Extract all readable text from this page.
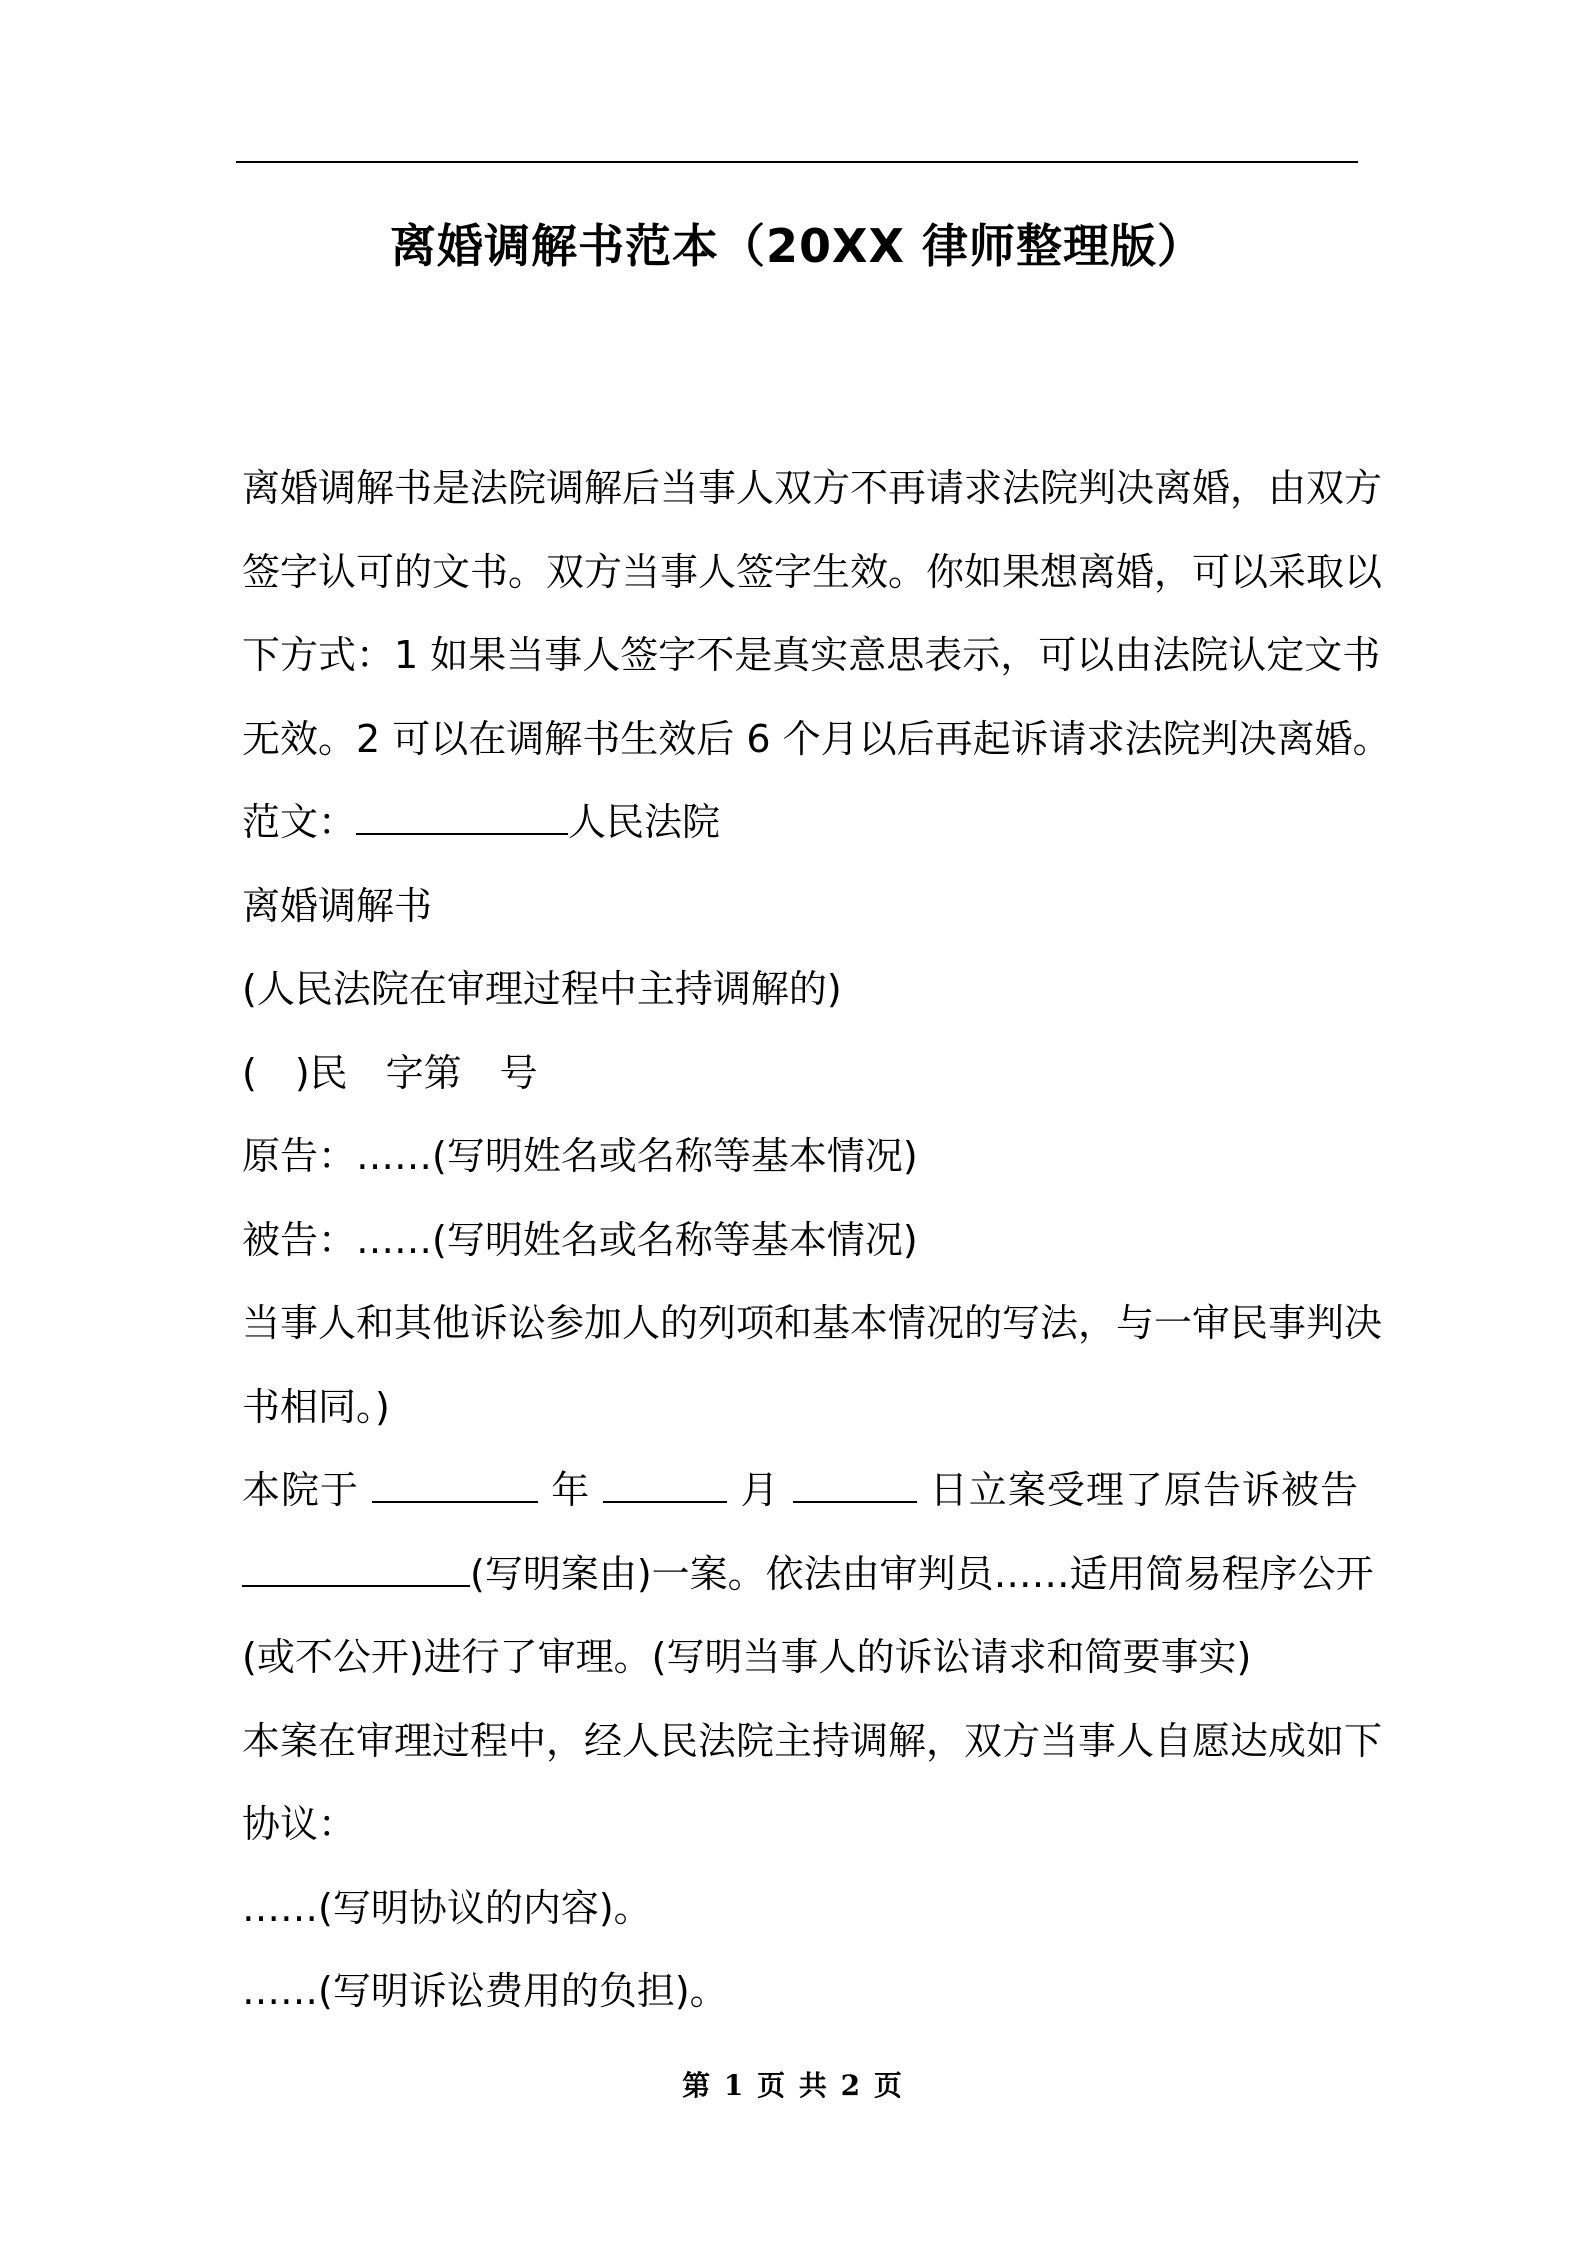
离婚调解书范本（20XX 律师整理版）
离婚调解书是法院调解后当事人双方不再请求法院判决离婚，由双方
签字认可的文书。双方当事人签字生效。你如果想离婚，可以采取以
下方式：1 如果当事人签字不是真实意思表示，可以由法院认定文书
无效。2 可以在调解书生效后 6 个月以后再起诉请求法院判决离婚。
范文：	人民法院
离婚调解书
(人民法院在审理过程中主持调解的)
( )民 字第 号
原告：……(写明姓名或名称等基本情况)
被告：……(写明姓名或名称等基本情况)
当事人和其他诉讼参加人的列项和基本情况的写法，与一审民事判决
书相同。)
本院于	年	月	日立案受理了原告诉被告
(写明案由)一案。依法由审判员……适用简易程序公开
(或不公开)进行了审理。(写明当事人的诉讼请求和简要事实)
本案在审理过程中，经人民法院主持调解，双方当事人自愿达成如下
协议：
……(写明协议的内容)。
……(写明诉讼费用的负担)。
第 1 页 共 2 页
